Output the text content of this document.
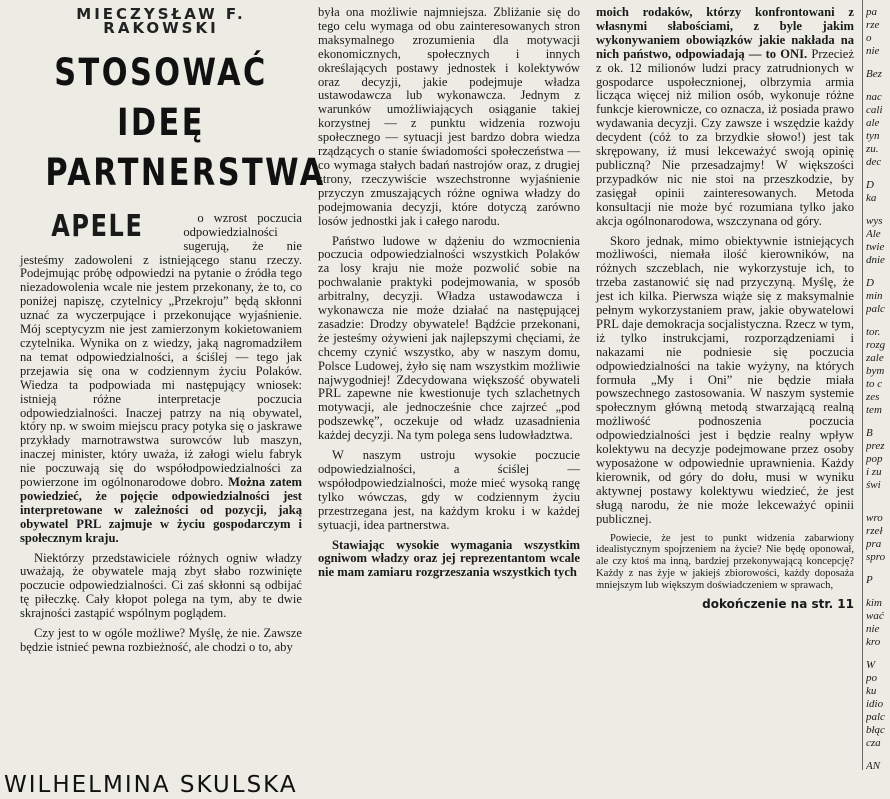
MIECZYSŁAW F. RAKOWSKI
STOSOWAĆ IDEĘ PARTNERSTWA

APELE	o wzrost poczucia odpowiedzialności sugerują, że nie jesteśmy zadowoleni z istniejącego stanu rzeczy. Podejmując próbę odpowiedzi na pytanie o źródła tego niezadowolenia wcale nie jestem przekonany, że to, co poniżej napiszę, czytelnicy „Przekroju” będą skłonni uznać za wyczerpujące i przekonujące wyjaśnienie. Mój sceptycyzm nie jest zamierzonym kokietowaniem czytelnika. Wynika on z wiedzy, jaką nagromadziłem na temat odpowiedzialności, a ściślej — tego jak przejawia się ona w codziennym życiu Polaków. Wiedza ta podpowiada mi następujący wniosek: istnieją różne interpretacje poczucia odpowiedzialności. Inaczej patrzy na nią obywatel, który np. w swoim miejscu pracy potyka się o jaskrawe przykłady marnotrawstwa surowców lub maszyn, inaczej minister, który uważa, iż załogi wielu fabryk nie poczuwają się do współodpowiedzialności za powierzone im ogólnonarodowe dobro. Można zatem powiedzieć, że pojęcie odpowiedzialności jest interpretowane w zależności od pozycji, jaką obywatel PRL zajmuje w życiu gospodarczym i społecznym kraju.

Niektórzy przedstawiciele różnych ogniw władzy uważają, że obywatele mają zbyt słabo rozwinięte poczucie odpowiedzialności. Ci zaś skłonni są odbijać tę piłeczkę. Cały kłopot polega na tym, aby te dwie skrajności zastąpić wspólnym poglądem.

Czy jest to w ogóle możliwe? Myślę, że nie. Zawsze będzie istnieć pewna rozbieżność, ale chodzi o to, aby

była ona możliwie najmniejsza. Zbliżanie się do tego celu wymaga od obu zainteresowanych stron maksymalnego zrozumienia dla motywacji ekonomicznych, społecznych i innych określających postawy jednostek i kolektywów oraz decyzji, jakie podejmuje władza ustawodawcza lub wykonawcza. Jednym z warunków umożliwiających osiąganie takiej korzystnej — z punktu widzenia rozwoju społecznego — sytuacji jest bardzo dobra wiedza rządzących o stanie świadomości społeczeństwa — co wymaga stałych badań nastrojów oraz, z drugiej strony, rzeczywiście wszechstronne wyjaśnienie przyczyn zmuszających różne ogniwa władzy do podejmowania decyzji, które dotyczą zarówno losów jednostki jak i całego narodu.

Państwo ludowe w dążeniu do wzmocnienia poczucia odpowiedzialności wszystkich Polaków za losy kraju nie może pozwolić sobie na pochwalanie praktyki podejmowania, w sposób arbitralny, decyzji. Władza ustawodawcza i wykonawcza nie może działać na następującej zasadzie: Drodzy obywatele! Bądźcie przekonani, że jesteśmy ożywieni jak najlepszymi chęciami, że chcemy czynić wszystko, aby w naszym domu, Polsce Ludowej, żyło się nam wszystkim możliwie najwygodniej! Zdecydowana większość obywateli PRL zapewne nie kwestionuje tych szlachetnych motywacji, ale jednocześnie chce zajrzeć „pod podszewkę”, oczekuje od władz uzasadnienia każdej decyzji. Na tym polega sens ludowładztwa.

W naszym ustroju wysokie poczucie odpowiedzialności, a ściślej — współodpowiedzialności, może mieć wysoką rangę tylko wówczas, gdy w codziennym życiu przestrzegana jest, na każdym kroku i w każdej sytuacji, idea partnerstwa.

Stawiając wysokie wymagania wszystkim ogniwom władzy oraz jej reprezentantom wcale nie mam zamiaru rozgrzeszania wszystkich tych

moich rodaków, którzy konfrontowani z własnymi słabościami, z byle jakim wykonywaniem obowiązków jakie nakłada na nich państwo, odpowiadają — to ONI. Przecież z ok. 12 milionów ludzi pracy zatrudnionych w gospodarce uspołecznionej, olbrzymia armia licząca więcej niż milion osób, wykonuje różne funkcje kierownicze, co oznacza, iż posiada prawo wydawania decyzji. Czy zawsze i wszędzie każdy decydent (cóż to za brzydkie słowo!) jest tak skrępowany, iż musi lekceważyć swoją opinię publiczną? Nie przesadzajmy! W większości przypadków nic nie stoi na przeszkodzie, by zasięgał opinii zainteresowanych. Metoda konsultacji nie może być rozumiana tylko jako akcja ogólnonarodowa, wszczynana od góry.

Skoro jednak, mimo obiektywnie istniejących możliwości, niemała ilość kierowników, na różnych szczeblach, nie wykorzystuje ich, to trzeba zastanowić się nad przyczyną. Myślę, że jest ich kilka. Pierwsza wiąże się z maksymalnie pełnym wykorzystaniem praw, jakie obywatelowi PRL daje demokracja socjalistyczna. Rzecz w tym, iż tylko instrukcjami, rozporządzeniami i nakazami nie podniesie się poczucia odpowiedzialności na takie wyżyny, na których formuła „My i Oni” nie będzie miała powszechnego zastosowania. W naszym systemie społecznym główną metodą stwarzającą realną możliwość podnoszenia poczucia odpowiedzialności jest i będzie realny wpływ kolektywu na decyzje podejmowane przez osoby wyposażone w odpowiednie uprawnienia. Każdy kierownik, od góry do dołu, musi w wyniku aktywnej postawy kolektywu wiedzieć, że jest sługą narodu, że nie może lekceważyć opinii publicznej.

Powiecie, że jest to punkt widzenia zabarwiony idealistycznym spojrzeniem na życie? Nie będę oponował, ale czy ktoś ma inną, bardziej przekonywającą koncepcję? Każdy z nas żyje w jakiejś zbiorowości, każdy doposaża mniejszym lub większym doświadczeniem w sprawach,

dokończenie na str. 11
pa
rze
o
nie
Bez
nac
cali
ale
tyn
zu.
dec
D
ka
wys
Ale
twie
dnie
D
min
palc
tor.
rozg
zale
bym
to c
zes
tem
B
prez
pop
i zu
świ
wro
rzeł
pra
spro
P
kim
wać
nie
kro
W
po
ku
idio
palc
błąc
cza
AN
WILHELMINA SKULSKA
